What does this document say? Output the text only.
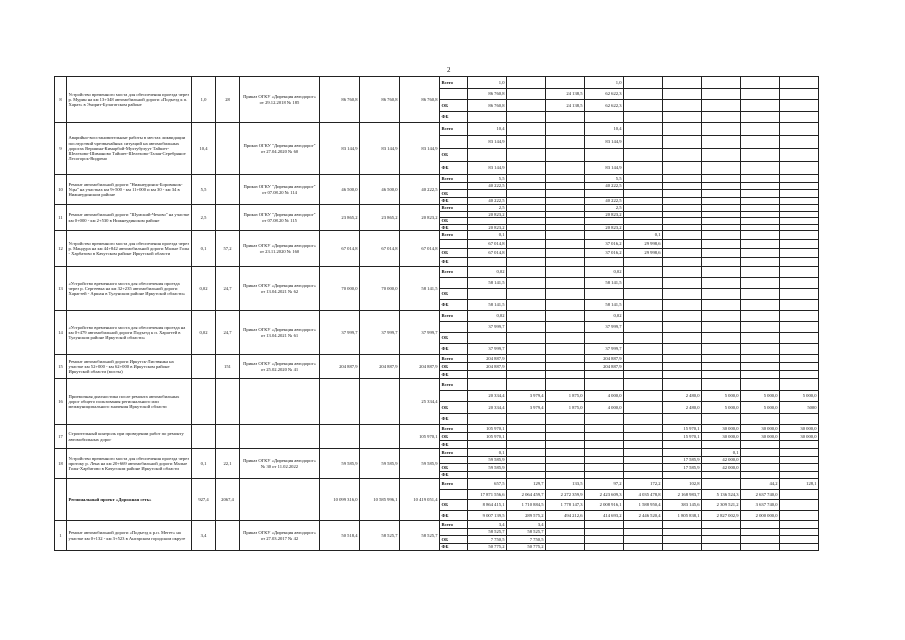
2
8	Устройство временного моста для обеспечения проезда через р. Мурин на км 13+348 автомобильной дороги «Подъезд к п. Харат» в Эхирит-Булагатском районе	1,0	28	Приказ ОГКУ «Дирекция автодорог» от 29.12.2018 № 185	86 760,8	86 760,8	86 760,8	Всего	1,0			1,0					
									86 760,8		24 138,5	62 622,3					
								ОБ	86 760,8		24 138,5	62 622,3					
								ФБ									
9	Аварийно-восстановительные работы в местах ликвидации последствий чрезвычайных ситуаций на автомобильных дорогах Вершина-Кимарбой-Мухтубулуут Тайшет-Шелехово-Шиманово Тайшет-Шелехово-Талая-Серебряное Лесогорск-Видрено	10,4		Приказ ОГКУ "Дирекция автодорог" от 27.04.2020 № 60	83 144,9	83 144,9	83 144,9	Всего	10,4			10,4					
									83 144,9			83 144,9					
								ОБ									
								ФБ	83 144,9			83 144,9					
10	Ремонт автомобильной дороги "Нижнеудинск-Боровинок-Уцы" на участках км 9+500 - км 11+000 и км 30 - км 34 в Нижнеудинском районе	5,5		Приказ ОГКУ "Дирекция автодорог" от 07.08.20 № 114	46 500,0	46 500,0	40 222,5	Всего	5,5			5,5					
									40 222,5			40 222,5					
								ОБ									
								ФБ	40 222,5			40 222,5					
11	Ремонт автомобильной дороги "Шумский-Чехово" на участке км 0+000 - км 2+530 в Нижнеудинском районе	2,5		Приказ ОГКУ "Дирекция автодорог" от 07.08.20 № 115	23 865,2	23 865,2	20 823,2	Всего	2,5			2,5					
									20 823,2			20 823,2					
								ОБ									
								ФБ	20 823,2			20 823,2					
12	Устройство временного моста для обеспечения проезда через р. Мандура на км 44+842 автомобильной дороги Малые Голы - Харбатово в Качугском районе Иркутской области	0,1	57,2	Приказ ОГКУ «Дирекция автодорог» от 23.11.2020 № 160	67 014,8	67 014,8	67 014,8	Всего	0,1				0,1				
									67 014,8			37 016,2	29 998,6				
								ОБ	67 014,8			37 016,2	29 998,6				
								ФБ									
13	«Устройство временного моста для обеспечения проезда через р. Сергеевка на км 32+235 автомобильной дороги Харагтей - Аршан в Тулунском районе Иркутской области»	0,02	24,7	Приказ ОГКУ «Дирекция автодорог» от 13.04.2021 № 62	70 000,0	70 000,0	58 141,5	Всего	0,02			0,02					
									58 141,5			58 141,5					
								ОБ									
								ФБ	58 141,5			58 141,5					
14	«Устройство временного моста для обеспечения проезда на км 0+479 автомобильной дороги Подъезд к п. Харагтей в Тулунском районе Иркутской области»	0,02	24,7	Приказ ОГКУ «Дирекция автодорог» от 13.04.2021 № 61	37 999,7	37 999,7	37 999,7	Всего	0,02			0,02					
									37 999,7			37 999,7					
								ОБ									
								ФБ	37 999,7			37 999,7					
15	Ремонт автомобильной дороги Иркутск-Листвянка на участке км 52+000 - км 62+000 в Иркутском районе Иркутской области (мосты)		151	Приказ ОГКУ «Дирекция автодорог» от 25.02.2020 № 41	204 887,9	204 887,9	204 887,9	Всего	204 887,9			204 887,9					
								ОБ	204 887,9			204 887,9					
								ФБ									
16	Приемочная диагностика после ремонта автомобильных дорог общего пользования регионального или межмуниципального значения Иркутской области						25 334,4	Всего									
									20 334,4	3 979,4	1 875,0	4 000,0		2 480,0	5 000,0	5 000,0	5 000,0
								ОБ	20 334,4	3 979,4	1 875,0	4 000,0		2 480,0	5 000,0	5 000,0	5000
								ФБ									
17	Строительный контроль при проведении работ по ремонту автомобильных дорог						105 970,1	Всего	105 970,1					15 970,1	30 000,0	30 000,0	30 000,0
								ОБ	105 970,1					15 970,1	30 000,0	30 000,0	30 000,0
								ФБ									
18	Устройство временного моста для обеспечения проезда через протоку р. Лена на км 20+669 автомобильной дороги Малые Голы-Харбатово в Качугском районе Иркутской области	0,1	22,1	Приказ ОГКУ «Дирекция автодорог» № 30 от 11.02.2022	59 585,9	59 585,9	59 585,9	Всего	0,1						0,1		
									59 585,9					17 585,9	42 000,0		
								ОБ	59 585,9					17 585,9	42 000,0		
								ФБ									
	Региональный проект «Дорожная сеть»	927,4	2067,4		10 099 316,0	10 585 996,1	10 419 051,4	Всего	657,5	129,7	133,5	97,2	172,2	102,8		44,2	128,1
									17 871 556,6	2 064 459,7	2 272 359,9	2 423 609,3	4 035 478,8	2 168 983,7	5 136 524,3	2 637 740,0	
								ОБ	8 864 415,1	1 710 884,5	1 778 147,3	2 008 916,1	1 588 950,4	383 145,6	2 309 521,2	3 637 740,0	
								ФБ	9 007 139,5	289 575,2	494 212,6	414 693,2	2 446 520,4	1 805 838,1	2 827 002,9	2 000 000,0	
1	Ремонт автомобильной дороги «Подъезд к р.п. Мегет» на участке км 0+132 - км 3+523 в Ангарском городском округе	3,4		Приказ ОГКУ «Дирекция автодорог» от 27.03.2017 № 42	50 518,4	58 525,7	58 525,7	Всего	3,4	3,4							
									58 525,7	58 525,7							
								ОБ	7 750,5	7 750,5							
								ФБ	50 775,2	50 775,2							
